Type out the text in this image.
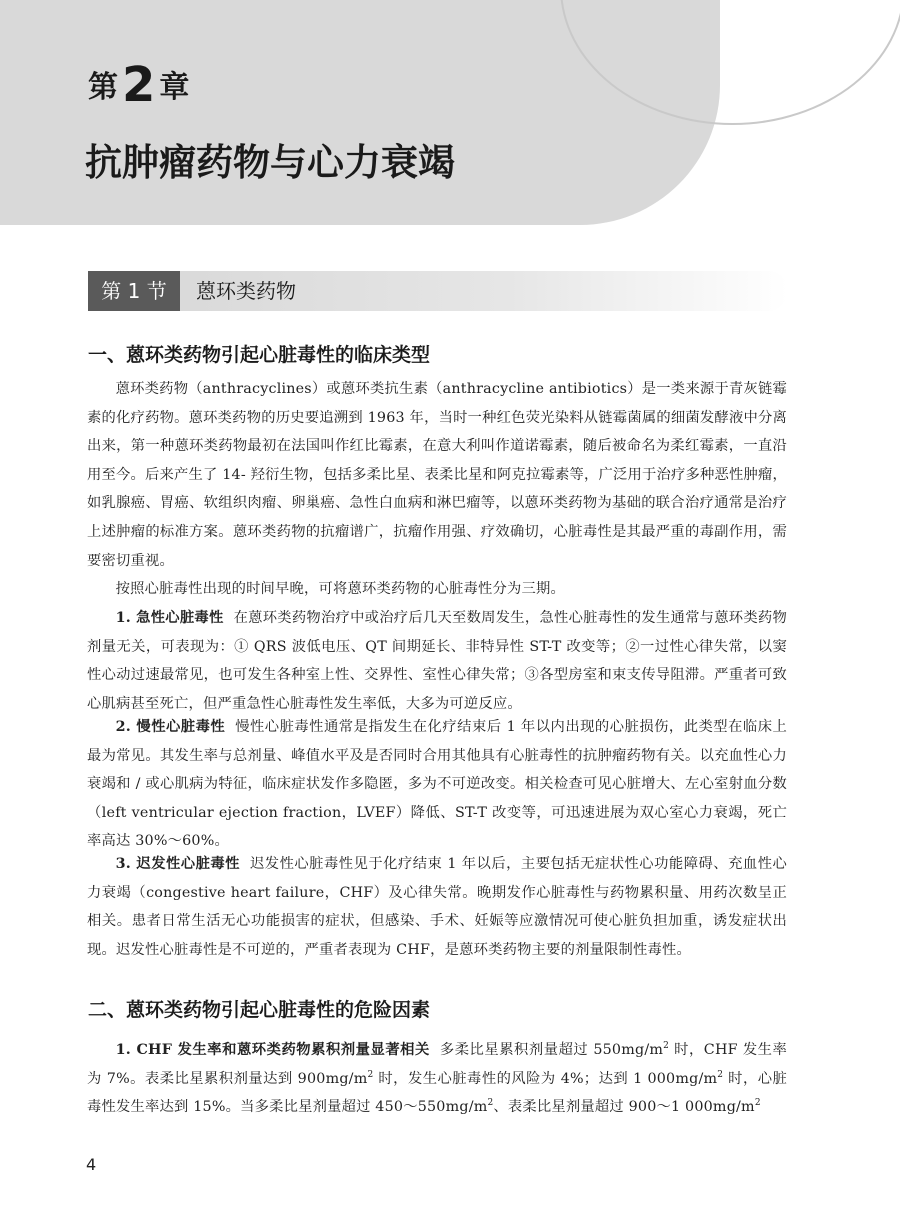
第2 章
抗肿瘤药物与心力衰竭
第 1 节	蒽环类药物
一、蒽环类药物引起心脏毒性的临床类型

蒽环类药物（anthracyclines）或蒽环类抗生素（anthracycline antibiotics）是一类来源于青灰链霉素的化疗药物。蒽环类药物的历史要追溯到 1963 年，当时一种红色荧光染料从链霉菌属的细菌发酵液中分离出来，第一种蒽环类药物最初在法国叫作红比霉素，在意大利叫作道诺霉素，随后被命名为柔红霉素，一直沿用至今。后来产生了 14- 羟衍生物，包括多柔比星、表柔比星和阿克拉霉素等，广泛用于治疗多种恶性肿瘤，如乳腺癌、胃癌、软组织肉瘤、卵巢癌、急性白血病和淋巴瘤等，以蒽环类药物为基础的联合治疗通常是治疗上述肿瘤的标准方案。蒽环类药物的抗瘤谱广，抗瘤作用强、疗效确切，心脏毒性是其最严重的毒副作用，需要密切重视。

按照心脏毒性出现的时间早晚，可将蒽环类药物的心脏毒性分为三期。

1. 急性心脏毒性 在蒽环类药物治疗中或治疗后几天至数周发生，急性心脏毒性的发生通常与蒽环类药物剂量无关，可表现为：① QRS 波低电压、QT 间期延长、非特异性 ST-T 改变等；②一过性心律失常，以窦性心动过速最常见，也可发生各种室上性、交界性、室性心律失常；③各型房室和束支传导阻滞。严重者可致心肌病甚至死亡，但严重急性心脏毒性发生率低，大多为可逆反应。

2. 慢性心脏毒性 慢性心脏毒性通常是指发生在化疗结束后 1 年以内出现的心脏损伤，此类型在临床上最为常见。其发生率与总剂量、峰值水平及是否同时合用其他具有心脏毒性的抗肿瘤药物有关。以充血性心力衰竭和 / 或心肌病为特征，临床症状发作多隐匿，多为不可逆改变。相关检查可见心脏增大、左心室射血分数（left ventricular ejection fraction，LVEF）降低、ST-T 改变等，可迅速进展为双心室心力衰竭，死亡率高达 30%～60%。

3. 迟发性心脏毒性 迟发性心脏毒性见于化疗结束 1 年以后，主要包括无症状性心功能障碍、充血性心力衰竭（congestive heart failure，CHF）及心律失常。晚期发作心脏毒性与药物累积量、用药次数呈正相关。患者日常生活无心功能损害的症状，但感染、手术、妊娠等应激情况可使心脏负担加重，诱发症状出现。迟发性心脏毒性是不可逆的，严重者表现为 CHF，是蒽环类药物主要的剂量限制性毒性。

二、蒽环类药物引起心脏毒性的危险因素

1. CHF 发生率和蒽环类药物累积剂量显著相关 多柔比星累积剂量超过 $550mg/m^2$ 时，CHF 发生率为 7%。表柔比星累积剂量达到 $900mg/m^2$ 时，发生心脏毒性的风险为 4%；达到 1 $000mg/m^2$ 时，心脏毒性发生率达到 15%。当多柔比星剂量超过 $450\sim 550mg/m^2$、表柔比星剂量超过 900～1 $000mg/m^2$

4
